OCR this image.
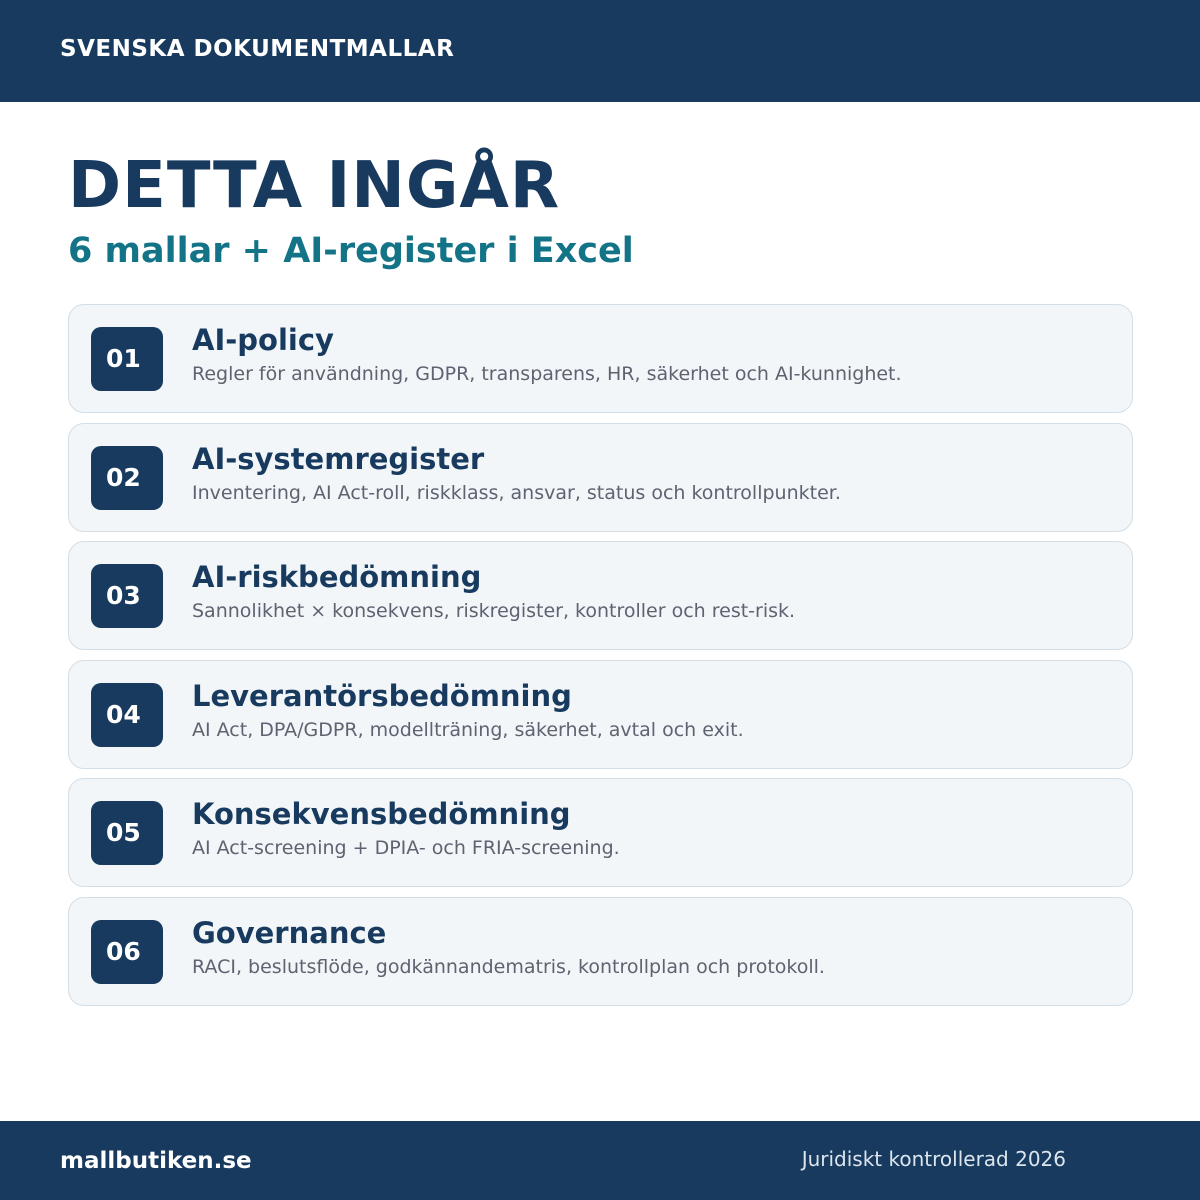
SVENSKA DOKUMENTMALLAR
DETTA INGÅR
6 mallar + AI-register i Excel
01
AI-policy
Regler för användning, GDPR, transparens, HR, säkerhet och AI-kunnighet.
02
AI-systemregister
Inventering, AI Act-roll, riskklass, ansvar, status och kontrollpunkter.
03
AI-riskbedömning
Sannolikhet × konsekvens, riskregister, kontroller och rest-risk.
04
Leverantörsbedömning
AI Act, DPA/GDPR, modellträning, säkerhet, avtal och exit.
05
Konsekvensbedömning
AI Act-screening + DPIA- och FRIA-screening.
06
Governance
RACI, beslutsflöde, godkännandematris, kontrollplan och protokoll.
mallbutiken.se	Juridiskt kontrollerad 2026
